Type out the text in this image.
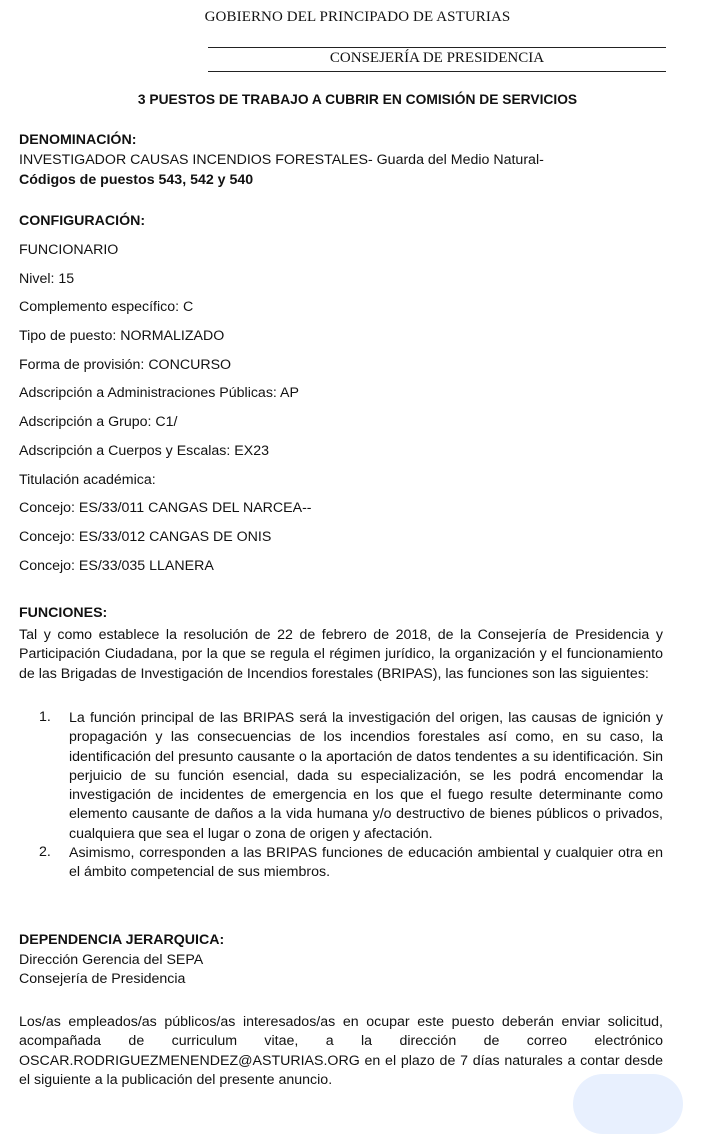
GOBIERNO DEL PRINCIPADO DE ASTURIAS
CONSEJERÍA DE PRESIDENCIA
3 PUESTOS DE TRABAJO A CUBRIR EN COMISIÓN DE SERVICIOS
DENOMINACIÓN:
INVESTIGADOR CAUSAS INCENDIOS FORESTALES- Guarda del Medio Natural-
Códigos de puestos 543, 542 y 540
CONFIGURACIÓN:
FUNCIONARIO
Nivel: 15
Complemento específico: C
Tipo de puesto: NORMALIZADO
Forma de provisión: CONCURSO
Adscripción a Administraciones Públicas: AP
Adscripción a Grupo: C1/
Adscripción a Cuerpos y Escalas: EX23
Titulación académica:
Concejo: ES/33/011 CANGAS DEL NARCEA--
Concejo: ES/33/012 CANGAS DE ONIS
Concejo: ES/33/035 LLANERA
FUNCIONES:
Tal y como establece la resolución de 22 de febrero de 2018, de la Consejería de Presidencia y Participación Ciudadana, por la que se regula el régimen jurídico, la organización y el funcionamiento de las Brigadas de Investigación de Incendios forestales (BRIPAS), las funciones son las siguientes:
1.	La función principal de las BRIPAS será la investigación del origen, las causas de ignición y propagación y las consecuencias de los incendios forestales así como, en su caso, la identificación del presunto causante o la aportación de datos tendentes a su identificación. Sin perjuicio de su función esencial, dada su especialización, se les podrá encomendar la investigación de incidentes de emergencia en los que el fuego resulte determinante como elemento causante de daños a la vida humana y/o destructivo de bienes públicos o privados, cualquiera que sea el lugar o zona de origen y afectación.
2.	Asimismo, corresponden a las BRIPAS funciones de educación ambiental y cualquier otra en el ámbito competencial de sus miembros.
DEPENDENCIA JERARQUICA:
Dirección Gerencia del SEPA
Consejería de Presidencia
Los/as empleados/as públicos/as interesados/as en ocupar este puesto deberán enviar solicitud, acompañada de curriculum vitae, a la dirección de correo electrónico OSCAR.RODRIGUEZMENENDEZ@ASTURIAS.ORG en el plazo de 7 días naturales a contar desde el siguiente a la publicación del presente anuncio.
